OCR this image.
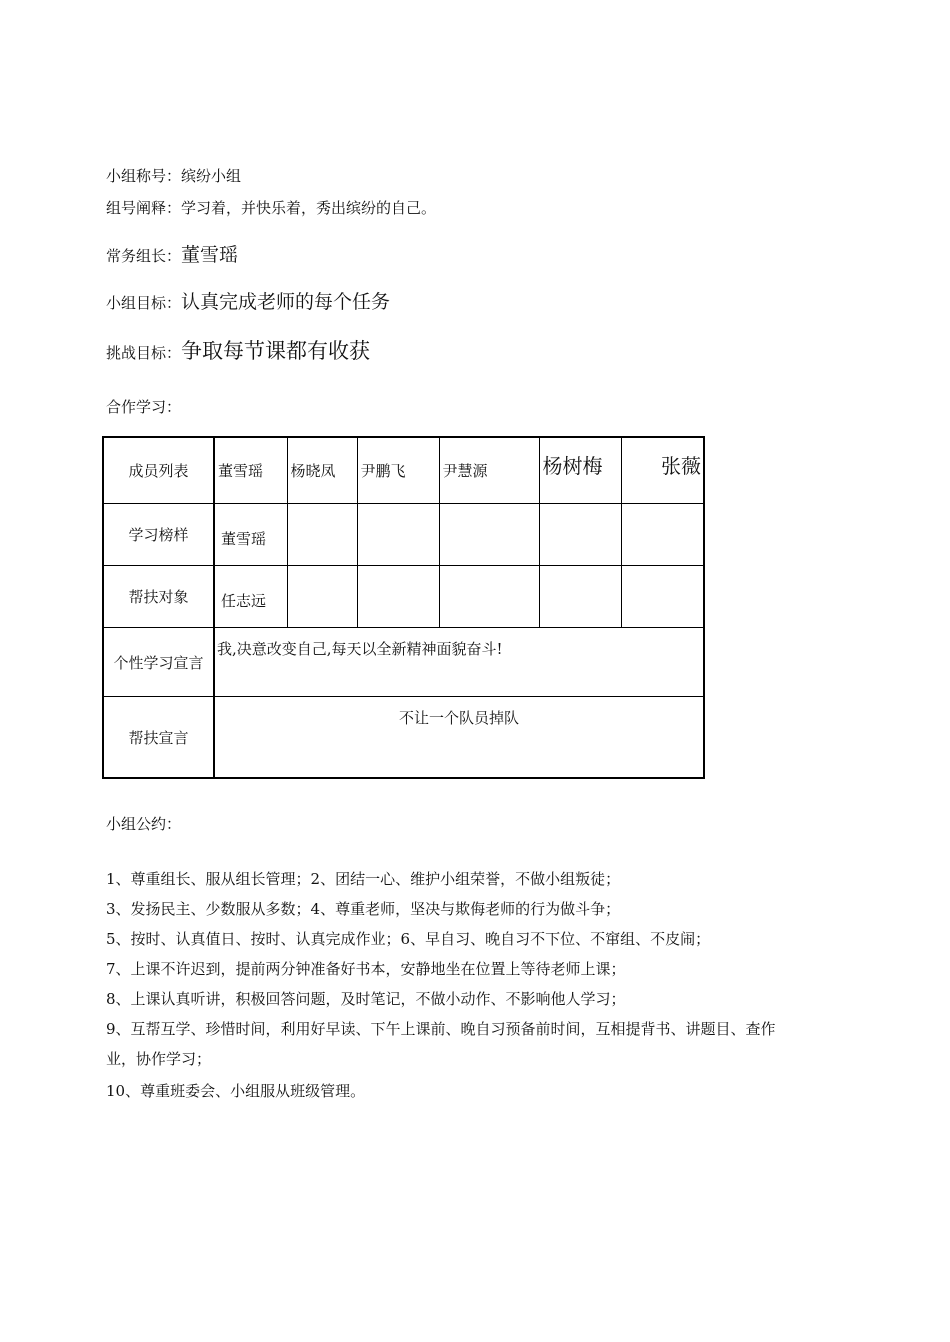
小组称号：缤纷小组
组号阐释：学习着，并快乐着，秀出缤纷的自己。
常务组长：董雪瑶
小组目标：认真完成老师的每个任务
挑战目标：争取每节课都有收获
合作学习：
成员列表	董雪瑶	杨晓凤	尹鹏飞	尹慧源	杨树梅	张薇
学习榜样	董雪瑶					
帮扶对象	任志远					
个性学习宣言	我,决意改变自己,每天以全新精神面貌奋斗!					
帮扶宣言	不让一个队员掉队					
小组公约：
1、尊重组长、服从组长管理；2、团结一心、维护小组荣誉，不做小组叛徒；
3、发扬民主、少数服从多数；4、尊重老师，坚决与欺侮老师的行为做斗争；
5、按时、认真值日、按时、认真完成作业；6、早自习、晚自习不下位、不窜组、不皮闹；
7、上课不许迟到，提前两分钟准备好书本，安静地坐在位置上等待老师上课；
8、上课认真听讲，积极回答问题，及时笔记，不做小动作、不影响他人学习；
9、互帮互学、珍惜时间，利用好早读、下午上课前、晚自习预备前时间，互相提背书、讲题目、查作
业，协作学习；
10、尊重班委会、小组服从班级管理。
